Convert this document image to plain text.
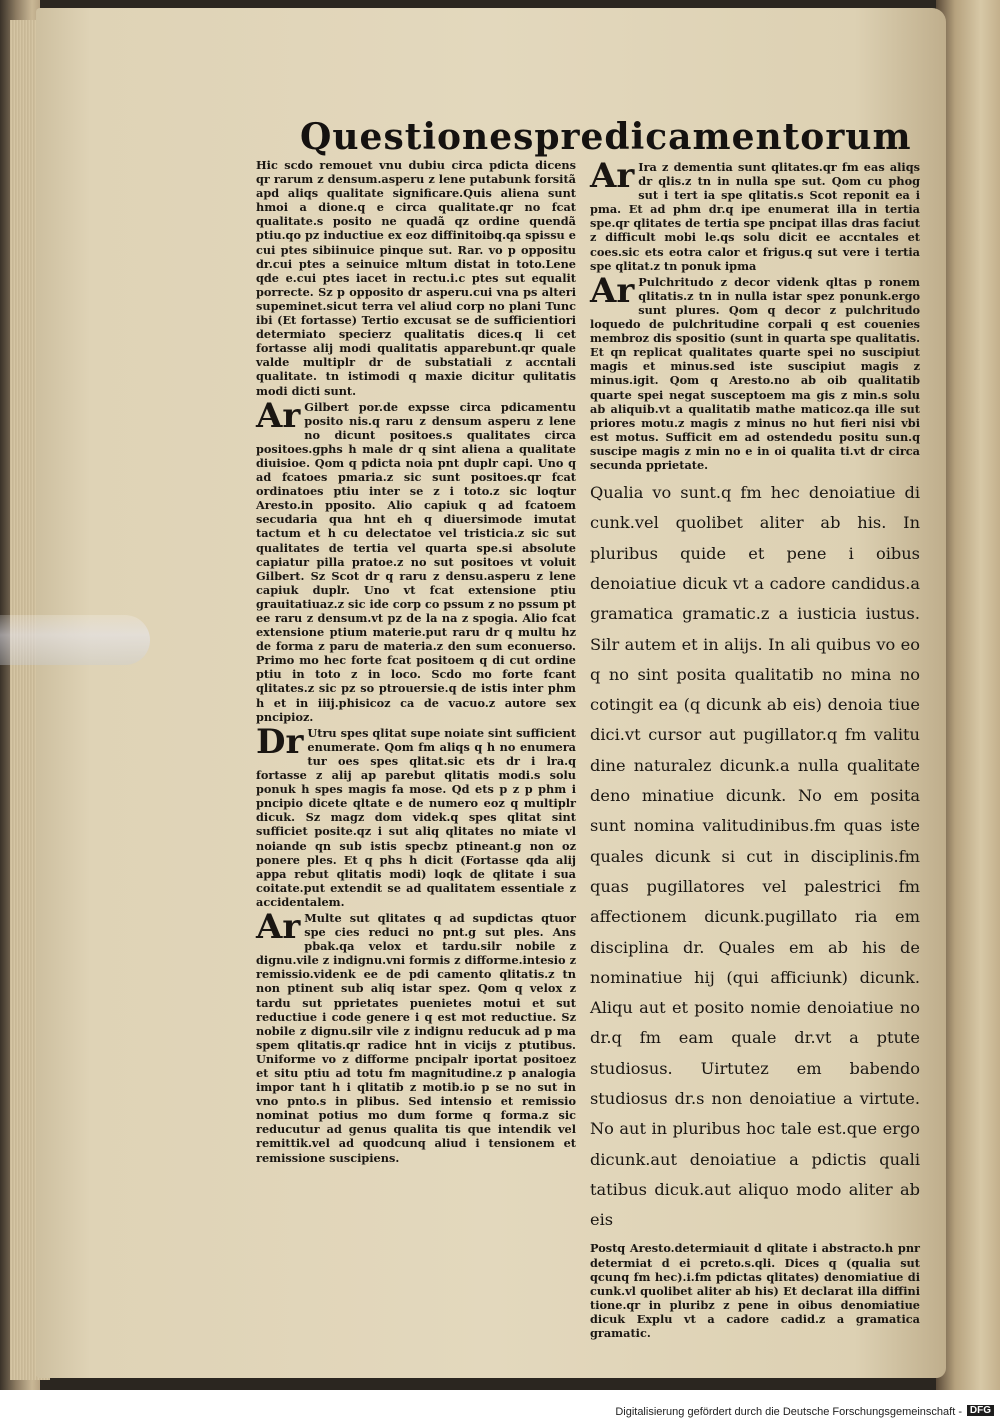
Questiones predicamentorum

Hic scdo remouet vnu dubiu circa pdicta dicens qr rarum z densum.asperu z lene putabunk forsitã apd aliqs qualitate significare.Quis aliena sunt hmoi a dione.q e circa qualitate.qr no fcat qualitate.s posito ne quadã qz ordine quendã ptiu.qo pz inductiue ex eoz diffinitoibq.qa spissu e cui ptes sibiinuice pinque sut. Rar. vo p oppositu dr.cui ptes a seinuice mltum distat in toto.Lene qde e.cui ptes iacet in rectu.i.c ptes sut equalit porrecte. Sz p opposito dr asperu.cui vna ps alteri supeminet.sicut terra vel aliud corp no plani Tunc ibi (Et fortasse) Tertio excusat se de sufficientiori determiato specierz qualitatis dices.q li cet fortasse alij modi qualitatis apparebunt.qr quale valde multiplr dr de substatiali z accntali qualitate. tn istimodi q maxie dicitur qulitatis modi dicti sunt.

Ar Gilbert por.de expsse circa pdicamentu posito nis.q raru z densum asperu z lene no dicunt positoes.s qualitates circa positoes.gphs h male dr q sint aliena a qualitate diuisioe. Qom q pdicta noia pnt duplr capi. Uno q ad fcatoes pmaria.z sic sunt positoes.qr fcat ordinatoes ptiu inter se z i toto.z sic loqtur Aresto.in pposito. Alio capiuk q ad fcatoem secudaria qua hnt eh q diuersimode imutat tactum et h cu delectatoe vel tristicia.z sic sut qualitates de tertia vel quarta spe.si absolute capiatur pilla pratoe.z no sut positoes vt voluit Gilbert. Sz Scot dr q raru z densu.asperu z lene capiuk duplr. Uno vt fcat extensione ptiu grauitatiuaz.z sic ide corp co pssum z no pssum pt ee raru z densum.vt pz de la na z spogia. Alio fcat extensione ptium materie.put raru dr q multu hz de forma z paru de materia.z den sum econuerso. Primo mo hec forte fcat positoem q di cut ordine ptiu in toto z in loco. Scdo mo forte fcant qlitates.z sic pz so ptrouersie.q de istis inter phm h et in iiij.phisicoz ca de vacuo.z autore sex pncipioz.

Dr Utru spes qlitat supe noiate sint sufficient enumerate. Qom fm aliqs q h no enumera tur oes spes qlitat.sic ets dr i lra.q fortasse z alij ap parebut qlitatis modi.s solu ponuk h spes magis fa mose. Qd ets p z p phm i pncipio dicete qltate e de numero eoz q multiplr dicuk. Sz magz dom videk.q spes qlitat sint sufficiet posite.qz i sut aliq qlitates no miate vl noiande qn sub istis specbz ptineant.g non oz ponere ples. Et q phs h dicit (Fortasse qda alij appa rebut qlitatis modi) loqk de qlitate i sua coitate.put extendit se ad qualitatem essentiale z accidentalem.

Ar Multe sut qlitates q ad supdictas qtuor spe cies reduci no pnt.g sut ples. Ans pbak.qa velox et tardu.silr nobile z dignu.vile z indignu.vni formis z difforme.intesio z remissio.videnk ee de pdi camento qlitatis.z tn non ptinent sub aliq istar spez. Qom q velox z tardu sut pprietates puenietes motui et sut reductiue i code genere i q est mot reductiue. Sz nobile z dignu.silr vile z indignu reducuk ad p ma spem qlitatis.qr radice hnt in vicijs z ptutibus. Uniforme vo z difforme pncipalr iportat positoez et situ ptiu ad totu fm magnitudine.z p analogia impor tant h i qlitatib z motib.io p se no sut in vno pnto.s in plibus. Sed intensio et remissio nominat potius mo dum forme q forma.z sic reducutur ad genus qualita tis que intendik vel remittik.vel ad quodcunq aliud i tensionem et remissione suscipiens.

Ar Ira z dementia sunt qlitates.qr fm eas aliqs dr qlis.z tn in nulla spe sut. Qom cu phog sut i tert ia spe qlitatis.s Scot reponit ea i pma. Et ad phm dr.q ipe enumerat illa in tertia spe.qr qlitates de tertia spe pncipat illas dras faciut z difficult mobi le.qs solu dicit ee accntales et coes.sic ets eotra calor et frigus.q sut vere i tertia spe qlitat.z tn ponuk ipma

Ar Pulchritudo z decor videnk qltas p ronem qlitatis.z tn in nulla istar spez ponunk.ergo sunt plures. Qom q decor z pulchritudo loquedo de pulchritudine corpali q est couenies membroz dis spositio (sunt in quarta spe qualitatis. Et qn replicat qualitates quarte spei no suscipiut magis et minus.sed iste suscipiut magis z minus.igit. Qom q Aresto.no ab oib qualitatib quarte spei negat susceptoem ma gis z min.s solu ab aliquib.vt a qualitatib mathe maticoz.qa ille sut priores motu.z magis z minus no hut fieri nisi vbi est motus. Sufficit em ad ostendedu positu sun.q suscipe magis z min no e in oi qualita ti.vt dr circa secunda pprietate.

Qualia vo sunt.q fm hec denoiatiue di cunk.vel quolibet aliter ab his. In pluribus quide et pene i oibus denoiatiue dicuk vt a cadore candidus.a gramatica gramatic.z a iusticia iustus. Silr autem et in alijs. In ali quibus vo eo q no sint posita qualitatib no mina no cotingit ea (q dicunk ab eis) denoia tiue dici.vt cursor aut pugillator.q fm valitu dine naturalez dicunk.a nulla qualitate deno minatiue dicunk. No em posita sunt nomina valitudinibus.fm quas iste quales dicunk si cut in disciplinis.fm quas pugillatores vel palestrici fm affectionem dicunk.pugillato ria em disciplina dr. Quales em ab his de nominatiue hij (qui afficiunk) dicunk. Aliqu aut et posito nomie denoiatiue no dr.q fm eam quale dr.vt a ptute studiosus. Uirtutez em babendo studiosus dr.s non denoiatiue a virtute. No aut in pluribus hoc tale est.que ergo dicunk.aut denoiatiue a pdictis quali tatibus dicuk.aut aliquo modo aliter ab eis

Postq Aresto.determiauit d qlitate i abstracto.h pnr determiat d ei pcreto.s.qli. Dices q (qualia sut qcunq fm hec).i.fm pdictas qlitates) denomiatiue di cunk.vl quolibet aliter ab his) Et declarat illa diffini tione.qr in pluribz z pene in oibus denomiatiue dicuk Explu vt a cadore cadid.z a gramatica gramatic.

Digitalisierung gefördert durch die Deutsche Forschungsgemeinschaft - DFG
